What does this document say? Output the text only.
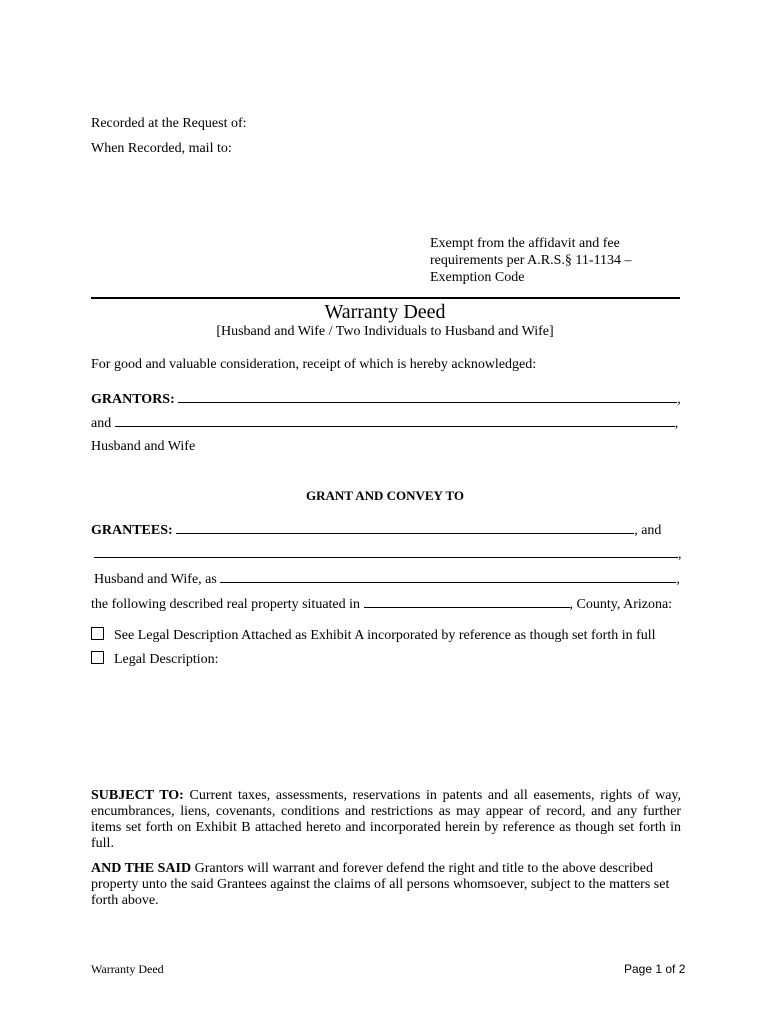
Recorded at the Request of:
When Recorded, mail to:
Exempt from the affidavit and fee
requirements per A.R.S.§ 11-1134 –
Exemption Code
Warranty Deed
[Husband and Wife / Two Individuals to Husband and Wife]
For good and valuable consideration, receipt of which is hereby acknowledged:
GRANTORS:	,
and	,
Husband and Wife
GRANT AND CONVEY TO
GRANTEES:	, and
,
Husband and Wife, as	,
the following described real property situated in	, County, Arizona:
See Legal Description Attached as Exhibit A incorporated by reference as though set forth in full
Legal Description:
SUBJECT TO: Current taxes, assessments, reservations in patents and all easements, rights of way, encumbrances, liens, covenants, conditions and restrictions as may appear of record, and any further items set forth on Exhibit B attached hereto and incorporated herein by reference as though set forth in full.
AND THE SAID Grantors will warrant and forever defend the right and title to the above described property unto the said Grantees against the claims of all persons whomsoever, subject to the matters set forth above.
Warranty Deed	Page 1 of 2
